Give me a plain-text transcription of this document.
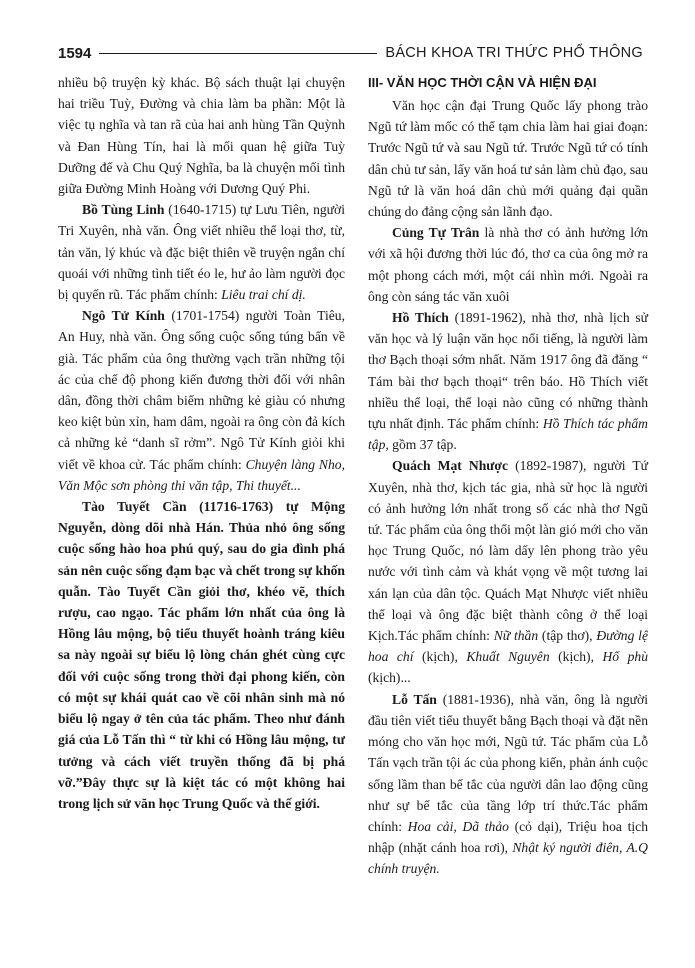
1594	BÁCH KHOA TRI THỨC PHỔ THÔNG

nhiều bộ truyện kỳ khác. Bộ sách thuật lại chuyện hai triều Tuỳ, Đường và chia làm ba phần: Một là việc tụ nghĩa và tan rã của hai anh hùng Tần Quỳnh và Đan Hùng Tín, hai là mối quan hệ giữa Tuỳ Dưỡng đế và Chu Quý Nghĩa, ba là chuyện mối tình giữa Đường Minh Hoàng với Dương Quý Phi.

Bồ Tùng Linh (1640-1715) tự Lưu Tiên, người Tri Xuyên, nhà văn. Ông viết nhiều thể loại thơ, từ, tản văn, lý khúc và đặc biệt thiên về truyện ngắn chí quoái với những tình tiết éo le, hư ảo làm người đọc bị quyến rũ. Tác phẩm chính: Liêu trai chí dị.

Ngô Tử Kính (1701-1754) người Toàn Tiêu, An Huy, nhà văn. Ông sống cuộc sống túng bấn về già. Tác phẩm của ông thường vạch trần những tội ác của chế độ phong kiến đương thời đối với nhân dân, đồng thời châm biếm những kẻ giàu có nhưng keo kiệt bủn xỉn, ham dâm, ngoài ra ông còn đả kích cả những kẻ “danh sĩ rởm”. Ngô Tử Kính giỏi khi viết về khoa cử. Tác phẩm chính: Chuyện làng Nho, Văn Mộc sơn phòng thi văn tập, Thi thuyết...

Tào Tuyết Cần (11716-1763) tự Mộng Nguyễn, dòng dõi nhà Hán. Thủa nhỏ ông sống cuộc sống hào hoa phú quý, sau do gia đình phá sản nên cuộc sống đạm bạc và chết trong sự khốn quẫn. Tào Tuyết Cần giỏi thơ, khéo vẽ, thích rượu, cao ngạo. Tác phẩm lớn nhất của ông là Hồng lâu mộng, bộ tiểu thuyết hoành tráng kiêu sa này ngoài sự biểu lộ lòng chán ghét cùng cực đối với cuộc sống trong thời đại phong kiến, còn có một sự khái quát cao về cõi nhân sinh mà nó biểu lộ ngay ở tên của tác phẩm. Theo như đánh giá của Lỗ Tấn thì “ từ khi có Hồng lâu mộng, tư tưởng và cách viết truyền thống đã bị phá vỡ.”Đây thực sự là kiệt tác có một không hai trong lịch sử văn học Trung Quốc và thế giới.

III- VĂN HỌC THỜI CẬN VÀ HIỆN ĐẠI

Văn học cận đại Trung Quốc lấy phong trào Ngũ tứ làm mốc có thể tạm chia làm hai giai đoạn: Trước Ngũ tứ và sau Ngũ tứ. Trước Ngũ tứ có tính dân chủ tư sản, lấy văn hoá tư sản làm chủ đạo, sau Ngũ tứ là văn hoá dân chủ mới quảng đại quần chúng do đảng cộng sản lãnh đạo.

Củng Tự Trân là nhà thơ có ảnh hưởng lớn với xã hội đương thời lúc đó, thơ ca của ông mở ra một phong cách mới, một cái nhìn mới. Ngoài ra ông còn sáng tác văn xuôi

Hồ Thích (1891-1962), nhà thơ, nhà lịch sử văn học và lý luận văn học nổi tiếng, là người làm thơ Bạch thoại sớm nhất. Năm 1917 ông đã đăng “ Tám bài thơ bạch thoại“ trên báo. Hồ Thích viết nhiều thể loại, thể loại nào cũng có những thành tựu nhất định. Tác phẩm chính: Hồ Thích tác phẩm tập, gồm 37 tập.

Quách Mạt Nhược (1892-1987), người Tứ Xuyên, nhà thơ, kịch tác gia, nhà sử học là người có ảnh hưởng lớn nhất trong số các nhà thơ Ngũ tứ. Tác phẩm của ông thổi một làn gió mới cho văn học Trung Quốc, nó làm dấy lên phong trào yêu nước với tình cảm và khát vọng về một tương lai xán lạn của dân tộc. Quách Mạt Nhược viết nhiều thể loại và ông đặc biệt thành công ở thể loại Kịch.Tác phẩm chính: Nữ thần (tập thơ), Đường lệ hoa chí (kịch), Khuất Nguyên (kịch), Hổ phù (kịch)...

Lỗ Tấn (1881-1936), nhà văn, ông là người đầu tiên viết tiểu thuyết bằng Bạch thoại và đặt nền móng cho văn học mới, Ngũ tứ. Tác phẩm của Lỗ Tấn vạch trần tội ác của phong kiến, phản ánh cuộc sống lầm than bế tắc của người dân lao động cũng như sự bế tắc của tầng lớp trí thức.Tác phẩm chính: Hoa cải, Dã thảo (cỏ dại), Triệu hoa tịch nhập (nhặt cánh hoa rơi), Nhật ký người điên, A.Q chính truyện.
